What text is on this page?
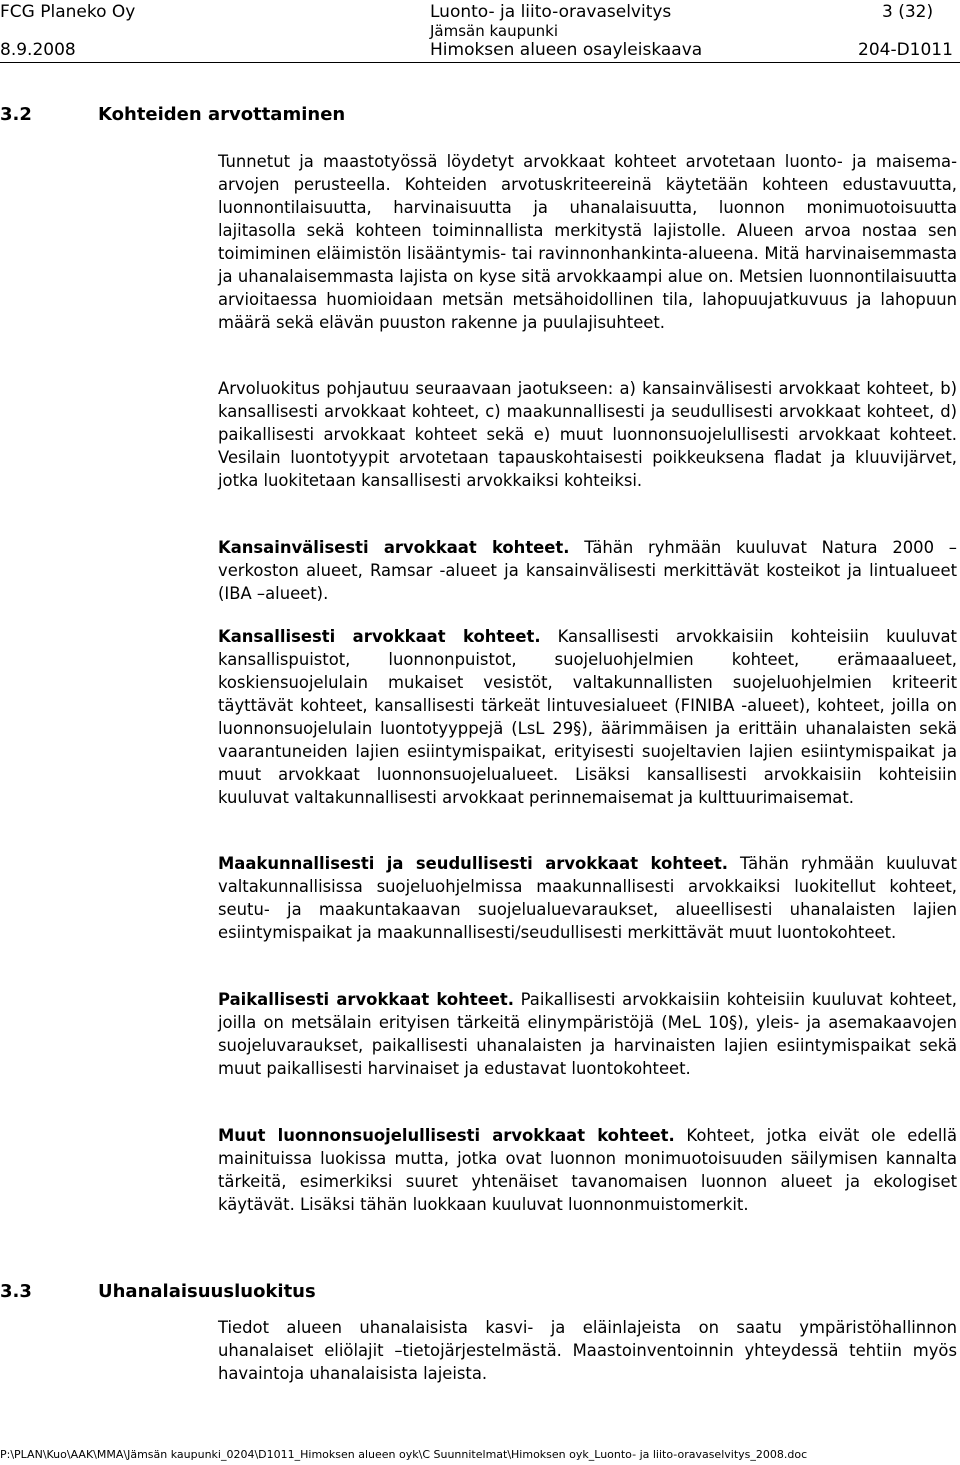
FCG Planeko Oy	Luonto- ja liito-oravaselvitys	3 (32)
Jämsän kaupunki
8.9.2008	Himoksen alueen osayleiskaava	204-D1011
3.2	Kohteiden arvottaminen

Tunnetut ja maastotyössä löydetyt arvokkaat kohteet arvotetaan luonto- ja maisema-arvojen perusteella. Kohteiden arvotuskriteereinä käytetään kohteen edustavuutta, luonnontilaisuutta, harvinaisuutta ja uhanalaisuutta, luonnon monimuotoisuutta lajitasolla sekä kohteen toiminnallista merkitystä lajistolle. Alueen arvoa nostaa sen toimiminen eläimistön lisääntymis- tai ravinnonhankinta-alueena. Mitä harvinaisemmasta ja uhanalaisemmasta lajista on kyse sitä arvokkaampi alue on. Metsien luonnontilaisuutta arvioitaessa huomioidaan metsän metsähoidollinen tila, lahopuujatkuvuus ja lahopuun määrä sekä elävän puuston rakenne ja puulajisuhteet.

Arvoluokitus pohjautuu seuraavaan jaotukseen: a) kansainvälisesti arvokkaat kohteet, b) kansallisesti arvokkaat kohteet, c) maakunnallisesti ja seudullisesti arvokkaat kohteet, d) paikallisesti arvokkaat kohteet sekä e) muut luonnonsuojelullisesti arvokkaat kohteet. Vesilain luontotyypit arvotetaan tapauskohtaisesti poikkeuksena fladat ja kluuvijärvet, jotka luokitetaan kansallisesti arvokkaiksi kohteiksi.

Kansainvälisesti arvokkaat kohteet. Tähän ryhmään kuuluvat Natura 2000 –verkoston alueet, Ramsar -alueet ja kansainvälisesti merkittävät kosteikot ja lintualueet (IBA –alueet).

Kansallisesti arvokkaat kohteet. Kansallisesti arvokkaisiin kohteisiin kuuluvat kansallispuistot, luonnonpuistot, suojeluohjelmien kohteet, erämaaalueet, koskiensuojelulain mukaiset vesistöt, valtakunnallisten suojeluohjelmien kriteerit täyttävät kohteet, kansallisesti tärkeät lintuvesialueet (FINIBA -alueet), kohteet, joilla on luonnonsuojelulain luontotyyppejä (LsL 29§), äärimmäisen ja erittäin uhanalaisten sekä vaarantuneiden lajien esiintymispaikat, erityisesti suojeltavien lajien esiintymispaikat ja muut arvokkaat luonnonsuojelualueet. Lisäksi kansallisesti arvokkaisiin kohteisiin kuuluvat valtakunnallisesti arvokkaat perinnemaisemat ja kulttuurimaisemat.

Maakunnallisesti ja seudullisesti arvokkaat kohteet. Tähän ryhmään kuuluvat valtakunnallisissa suojeluohjelmissa maakunnallisesti arvokkaiksi luokitellut kohteet, seutu- ja maakuntakaavan suojelualuevaraukset, alueellisesti uhanalaisten lajien esiintymispaikat ja maakunnallisesti/seudullisesti merkittävät muut luontokohteet.

Paikallisesti arvokkaat kohteet. Paikallisesti arvokkaisiin kohteisiin kuuluvat kohteet, joilla on metsälain erityisen tärkeitä elinympäristöjä (MeL 10§), yleis- ja asemakaavojen suojeluvaraukset, paikallisesti uhanalaisten ja harvinaisten lajien esiintymispaikat sekä muut paikallisesti harvinaiset ja edustavat luontokohteet.

Muut luonnonsuojelullisesti arvokkaat kohteet. Kohteet, jotka eivät ole edellä mainituissa luokissa mutta, jotka ovat luonnon monimuotoisuuden säilymisen kannalta tärkeitä, esimerkiksi suuret yhtenäiset tavanomaisen luonnon alueet ja ekologiset käytävät. Lisäksi tähän luokkaan kuuluvat luonnonmuistomerkit.

3.3	Uhanalaisuusluokitus

Tiedot alueen uhanalaisista kasvi- ja eläinlajeista on saatu ympäristöhallinnon uhanalaiset eliölajit –tietojärjestelmästä. Maastoinventoinnin yhteydessä tehtiin myös havaintoja uhanalaisista lajeista.

P:\PLAN\Kuo\AAK\MMA\Jämsän kaupunki_0204\D1011_Himoksen alueen oyk\C Suunnitelmat\Himoksen oyk_Luonto- ja liito-oravaselvitys_2008.doc
